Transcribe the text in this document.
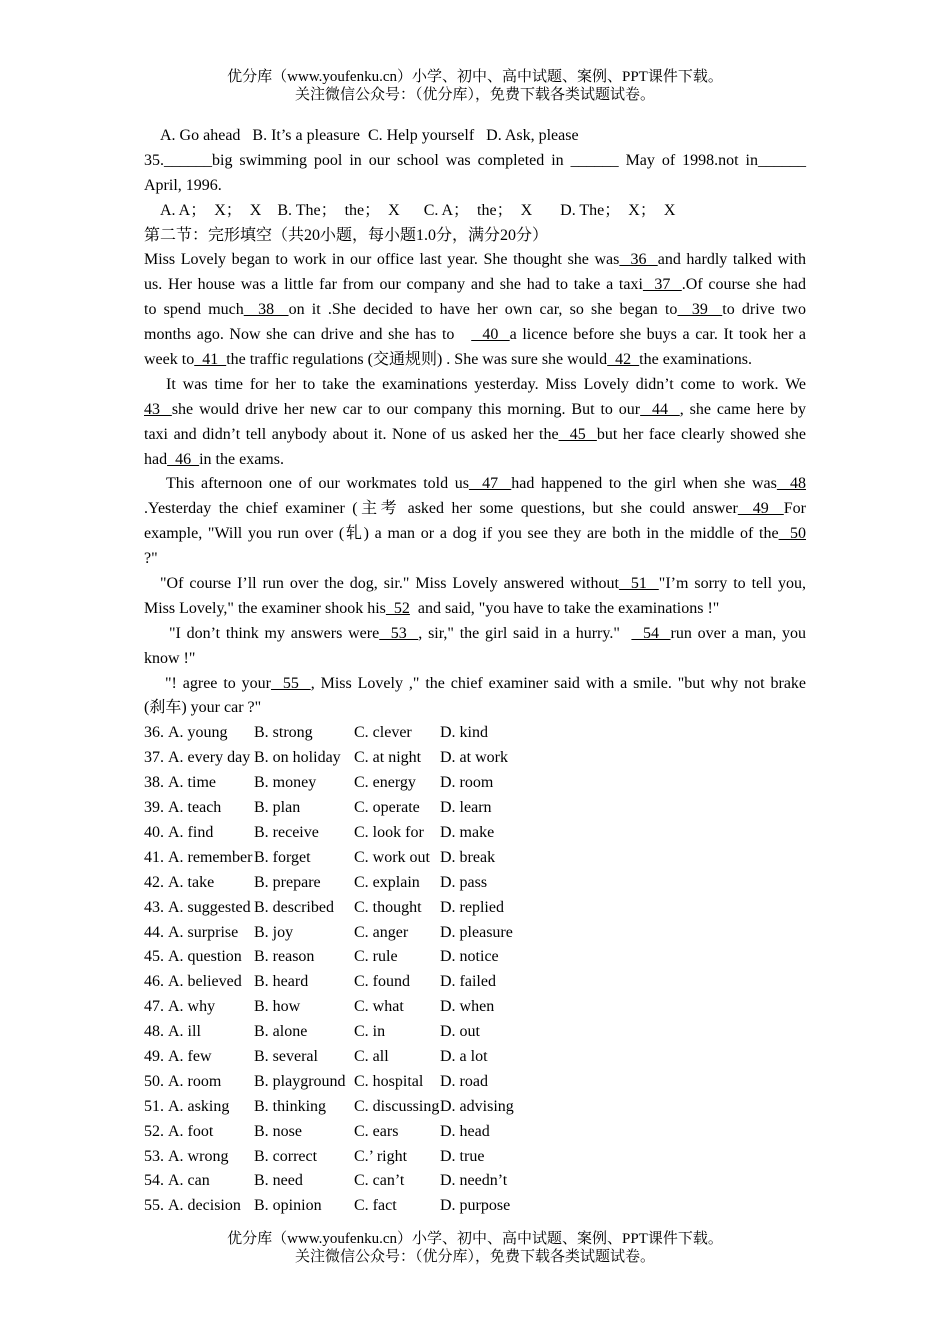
优分库（www.youfenku.cn）小学、初中、高中试题、案例、PPT课件下载。
关注微信公众号：（优分库），免费下载各类试题试卷。
A. Go ahead   B. It’s a pleasure  C. Help yourself   D. Ask, please
35.______big swimming pool in our school was completed in ______ May of 1998.not in______
April, 1996.
A. A；  X；  X    B. The；  the；  X      C. A；  the；  X       D. The；  X；  X
第二节：完形填空（共20小题，每小题1.0分，满分20分）
Miss Lovely began to work in our office last year. She thought she was  36  and hardly talked with
us. Her house was a little far from our company and she had to take a taxi  37  .Of course she had
to spend much  38  on it .She decided to have her own car, so she began to  39  to drive two
months ago. Now she can drive and she has to     40  a licence before she buys a car. It took her a
week to  41  the traffic regulations (交通规则) . She was sure she would  42  the examinations.
It was time for her to take the examinations yesterday. Miss Lovely didn’t come to work. We
43  she would drive her new car to our company this morning. But to our  44  , she came here by
taxi and didn’t tell anybody about it. None of us asked her the  45  but her face clearly showed she
had  46  in the exams.
This afternoon one of our workmates told us  47  had happened to the girl when she was  48
.Yesterday the chief examiner (主考 asked her some questions, but she could answer  49  For
example, "Will you run over (轧) a man or a dog if you see they are both in the middle of the  50
?"
"Of course I’ll run over the dog, sir." Miss Lovely answered without  51  "I’m sorry to tell you,
Miss Lovely," the examiner shook his  52  and said, "you have to take the examinations !"
"I don’t think my answers were  53  , sir," the girl said in a hurry."    54  run over a man, you
know !"
"! agree to your  55  , Miss Lovely ," the chief examiner said with a smile. "but why not brake
(刹车) your car ?"
36. A. young B. strong	C. clever D. kind
37. A. every day B. on holiday C. at night D. at work
38. A. time B. money C. energy D. room
39. A. teach B. plan	C. operate D. learn
40. A. find	B. receive C. look for D. make
41. A. remember B. forget	C. work out D. break
42. A. take B. prepare C. explain D. pass
43. A. suggested B. described C. thought D. replied
44. A. surprise B. joy	C. anger D. pleasure
45. A. question B. reason C. rule	D. notice
46. A. believed B. heard	C. found D. failed
47. A. why B. how	C. what D. when
48. A. ill	B. alone	C. in	D. out
49. A. few	B. several C. all	D. a lot
50. A. room B. playground C. hospital D. road
51. A. asking B. thinking C. discussing D. advising
52. A. foot	B. nose	C. ears	D. head
53. A. wrong B. correct C.’ right D. true
54. A. can	B. need	C. can’t D. needn’t
55. A. decision B. opinion C. fact	D. purpose
优分库（www.youfenku.cn）小学、初中、高中试题、案例、PPT课件下载。
关注微信公众号：（优分库），免费下载各类试题试卷。
